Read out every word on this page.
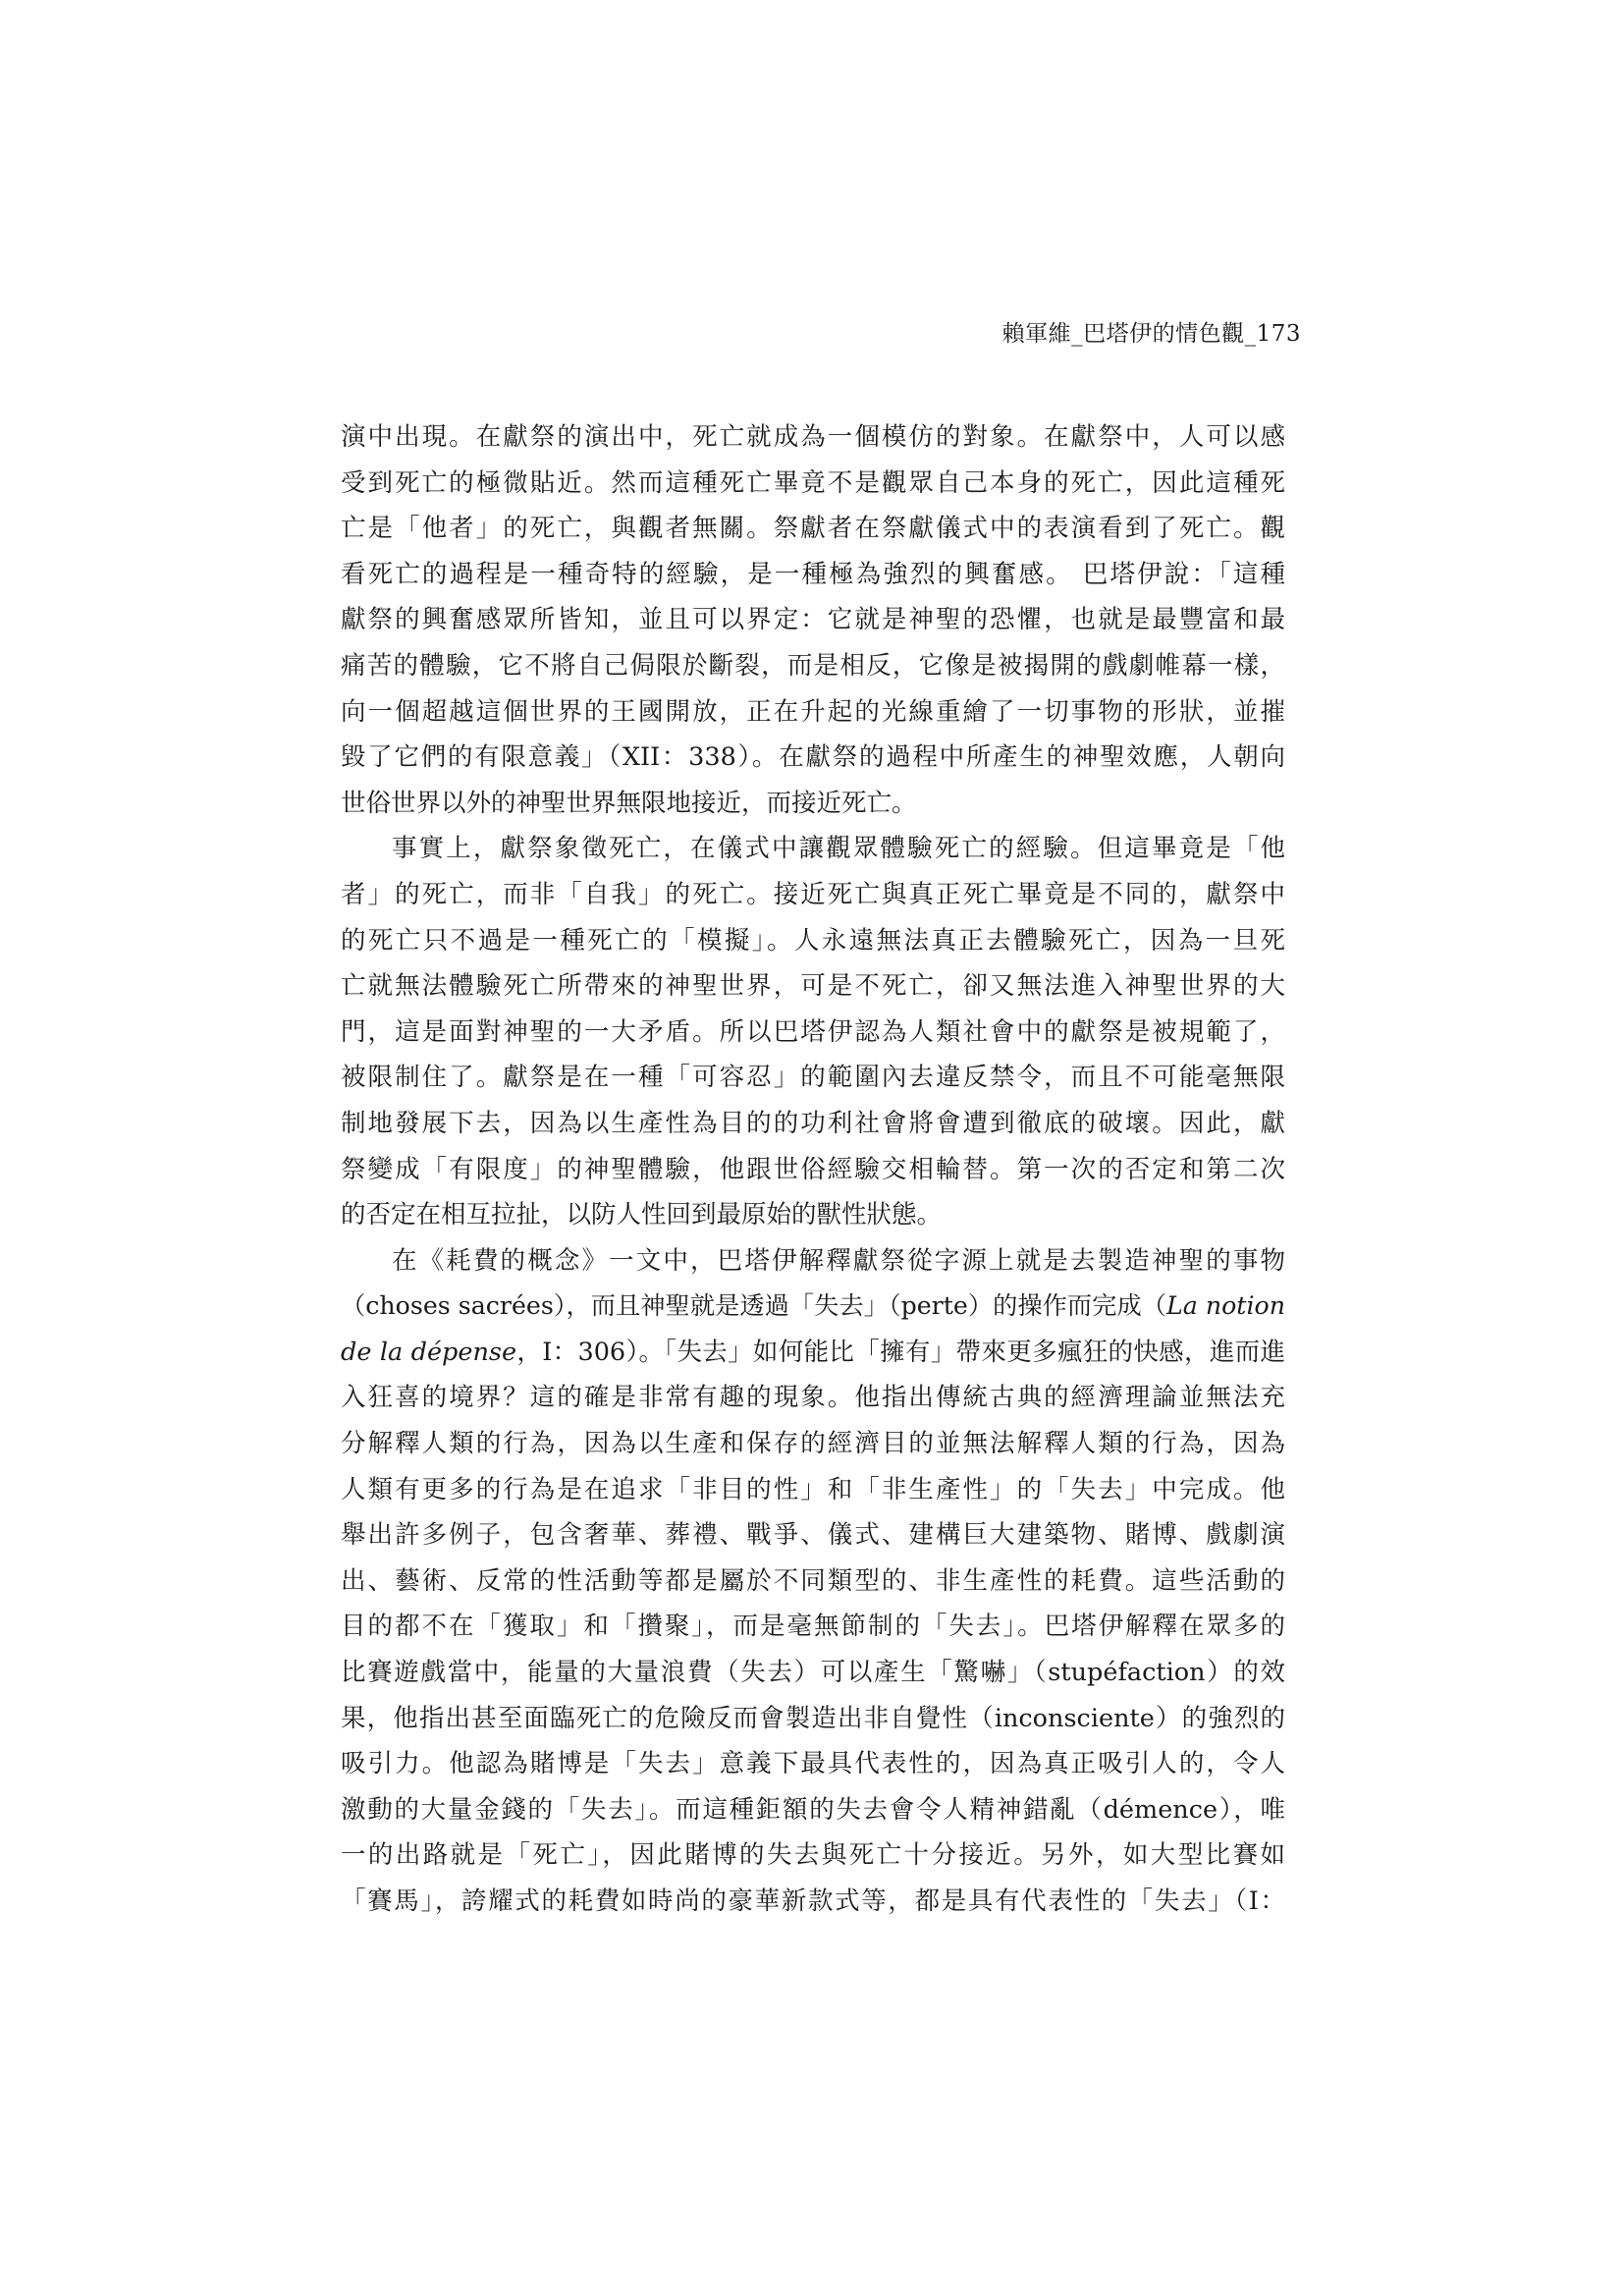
賴軍維_巴塔伊的情色觀_173
演中出現。在獻祭的演出中，死亡就成為一個模仿的對象。在獻祭中，人可以感
受到死亡的極微貼近。然而這種死亡畢竟不是觀眾自己本身的死亡，因此這種死
亡是「他者」的死亡，與觀者無關。祭獻者在祭獻儀式中的表演看到了死亡。觀
看死亡的過程是一種奇特的經驗，是一種極為強烈的興奮感。 巴塔伊說：「這種
獻祭的興奮感眾所皆知，並且可以界定：它就是神聖的恐懼，也就是最豐富和最
痛苦的體驗，它不將自己侷限於斷裂，而是相反，它像是被揭開的戲劇帷幕一樣，
向一個超越這個世界的王國開放，正在升起的光線重繪了一切事物的形狀，並摧
毀了它們的有限意義」（XII：338）。在獻祭的過程中所產生的神聖效應，人朝向
世俗世界以外的神聖世界無限地接近，而接近死亡。
事實上，獻祭象徵死亡，在儀式中讓觀眾體驗死亡的經驗。但這畢竟是「他
者」的死亡，而非「自我」的死亡。接近死亡與真正死亡畢竟是不同的，獻祭中
的死亡只不過是一種死亡的「模擬」。人永遠無法真正去體驗死亡，因為一旦死
亡就無法體驗死亡所帶來的神聖世界，可是不死亡，卻又無法進入神聖世界的大
門，這是面對神聖的一大矛盾。所以巴塔伊認為人類社會中的獻祭是被規範了，
被限制住了。獻祭是在一種「可容忍」的範圍內去違反禁令，而且不可能毫無限
制地發展下去，因為以生產性為目的的功利社會將會遭到徹底的破壞。因此，獻
祭變成「有限度」的神聖體驗，他跟世俗經驗交相輪替。第一次的否定和第二次
的否定在相互拉扯，以防人性回到最原始的獸性狀態。
在《耗費的概念》一文中，巴塔伊解釋獻祭從字源上就是去製造神聖的事物
（choses sacrées），而且神聖就是透過「失去」（perte）的操作而完成（La notion
de la dépense，I：306）。「失去」如何能比「擁有」帶來更多瘋狂的快感，進而進
入狂喜的境界？這的確是非常有趣的現象。他指出傳統古典的經濟理論並無法充
分解釋人類的行為，因為以生產和保存的經濟目的並無法解釋人類的行為，因為
人類有更多的行為是在追求「非目的性」和「非生產性」的「失去」中完成。他
舉出許多例子，包含奢華、葬禮、戰爭、儀式、建構巨大建築物、賭博、戲劇演
出、藝術、反常的性活動等都是屬於不同類型的、非生產性的耗費。這些活動的
目的都不在「獲取」和「攢聚」，而是毫無節制的「失去」。巴塔伊解釋在眾多的
比賽遊戲當中，能量的大量浪費（失去）可以產生「驚嚇」（stupéfaction）的效
果，他指出甚至面臨死亡的危險反而會製造出非自覺性（inconsciente）的強烈的
吸引力。他認為賭博是「失去」意義下最具代表性的，因為真正吸引人的，令人
激動的大量金錢的「失去」。而這種鉅額的失去會令人精神錯亂（démence），唯
一的出路就是「死亡」，因此賭博的失去與死亡十分接近。另外，如大型比賽如
「賽馬」，誇耀式的耗費如時尚的豪華新款式等，都是具有代表性的「失去」（I：
